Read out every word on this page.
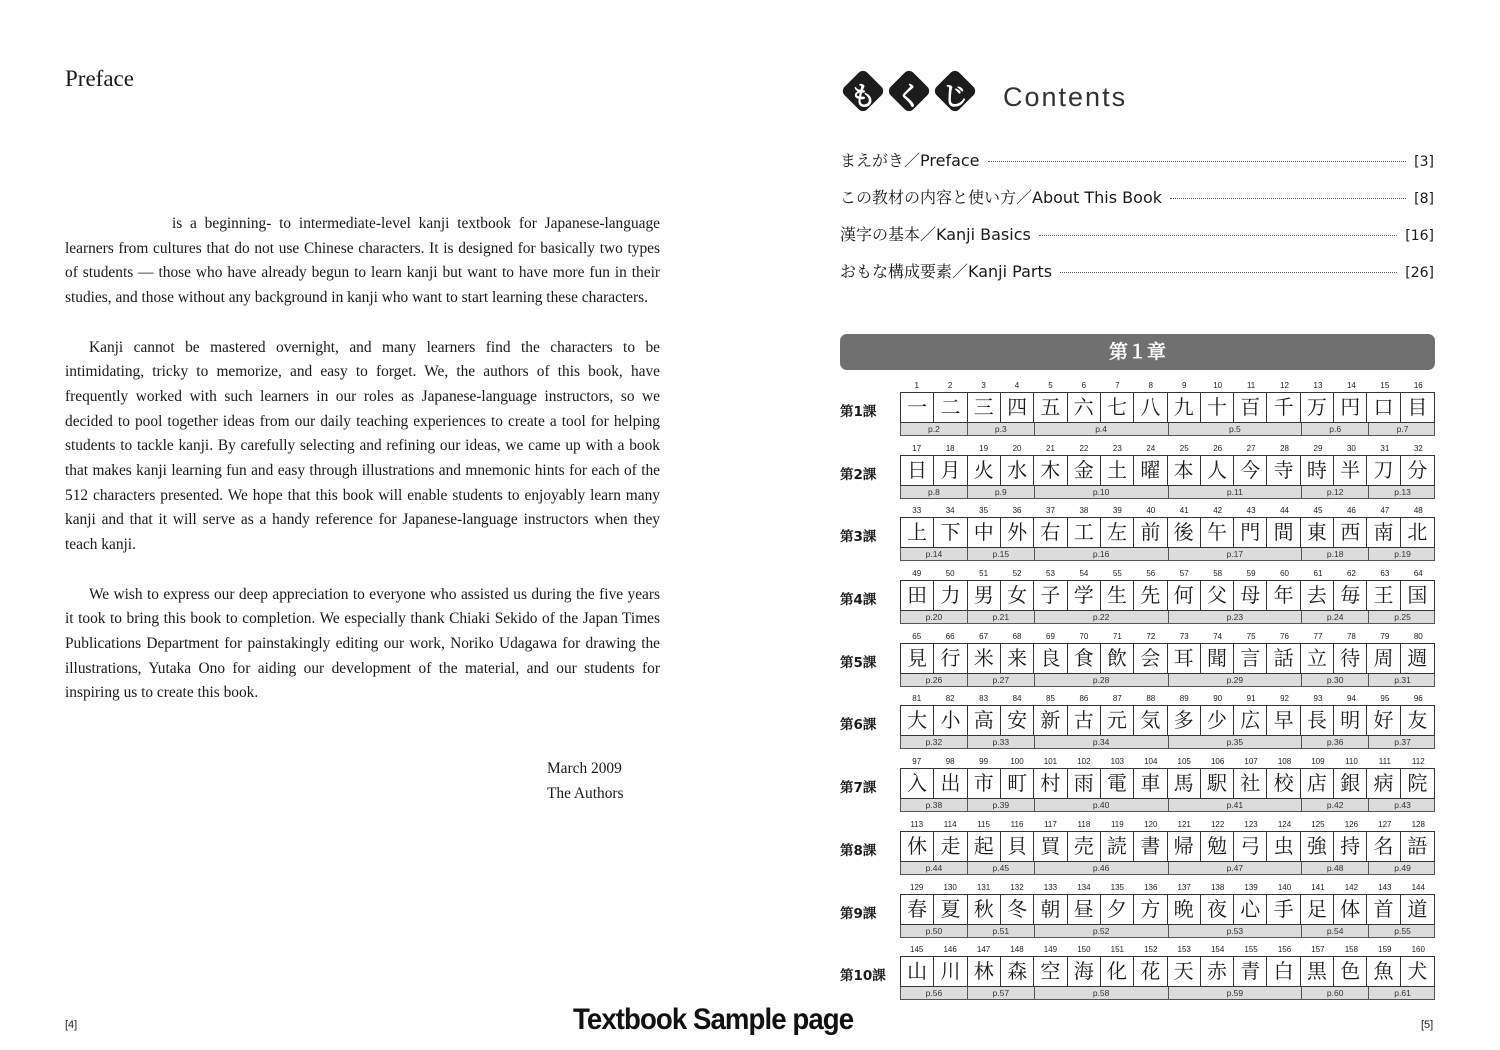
Preface

is a beginning- to intermediate-level kanji textbook for Japanese-language learners from cultures that do not use Chinese characters. It is designed for basically two types of students — those who have already begun to learn kanji but want to have more fun in their studies, and those without any background in kanji who want to start learning these characters.

Kanji cannot be mastered overnight, and many learners find the characters to be intimidating, tricky to memorize, and easy to forget. We, the authors of this book, have frequently worked with such learners in our roles as Japanese-language instructors, so we decided to pool together ideas from our daily teaching experiences to create a tool for helping students to tackle kanji. By carefully selecting and refining our ideas, we came up with a book that makes kanji learning fun and easy through illustrations and mnemonic hints for each of the 512 characters presented. We hope that this book will enable students to enjoyably learn many kanji and that it will serve as a handy reference for Japanese-language instructors when they teach kanji.

We wish to express our deep appreciation to everyone who assisted us during the five years it took to bring this book to completion. We especially thank Chiaki Sekido of the Japan Times Publications Department for painstakingly editing our work, Noriko Udagawa for drawing the illustrations, Yutaka Ono for aiding our development of the material, and our students for inspiring us to create this book.

March 2009
The Authors
[4]	Textbook Sample page
も く じ	Contents
まえがき／Preface	[3]
この教材の内容と使い方／About This Book	[8]
漢字の基本／Kanji Basics	[16]
おもな構成要素／Kanji Parts	[26]
第１章
第1課
1	2	3	4	5	6	7	8	9	10	11	12	13	14	15	16
一 二 三 四 五 六 七 八 九 十 百 千 万 円 口 目
p.2	p.3	p.4	p.5	p.6	p.7
第2課
17	18	19	20	21	22	23	24	25	26	27	28	29	30	31	32
日 月 火 水 木 金 土 曜 本 人 今 寺 時 半 刀 分
p.8	p.9	p.10	p.11	p.12	p.13
第3課
33	34	35	36	37	38	39	40	41	42	43	44	45	46	47	48
上 下 中 外 右 工 左 前 後 午 門 間 東 西 南 北
p.14	p.15	p.16	p.17	p.18	p.19
第4課
49	50	51	52	53	54	55	56	57	58	59	60	61	62	63	64
田 力 男 女 子 学 生 先 何 父 母 年 去 毎 王 国
p.20	p.21	p.22	p.23	p.24	p.25
第5課
65	66	67	68	69	70	71	72	73	74	75	76	77	78	79	80
見 行 米 来 良 食 飲 会 耳 聞 言 話 立 待 周 週
p.26	p.27	p.28	p.29	p.30	p.31
第6課
81	82	83	84	85	86	87	88	89	90	91	92	93	94	95	96
大 小 高 安 新 古 元 気 多 少 広 早 長 明 好 友
p.32	p.33	p.34	p.35	p.36	p.37
第7課
97	98	99	100	101	102	103	104	105	106	107	108	109	110	111	112
入 出 市 町 村 雨 電 車 馬 駅 社 校 店 銀 病 院
p.38	p.39	p.40	p.41	p.42	p.43
第8課
113	114	115	116	117	118	119	120	121	122	123	124	125	126	127	128
休 走 起 貝 買 売 読 書 帰 勉 弓 虫 強 持 名 語
p.44	p.45	p.46	p.47	p.48	p.49
第9課
129	130	131	132	133	134	135	136	137	138	139	140	141	142	143	144
春 夏 秋 冬 朝 昼 夕 方 晩 夜 心 手 足 体 首 道
p.50	p.51	p.52	p.53	p.54	p.55
第10課
145	146	147	148	149	150	151	152	153	154	155	156	157	158	159	160
山 川 林 森 空 海 化 花 天 赤 青 白 黒 色 魚 犬
p.56	p.57	p.58	p.59	p.60	p.61
[5]
